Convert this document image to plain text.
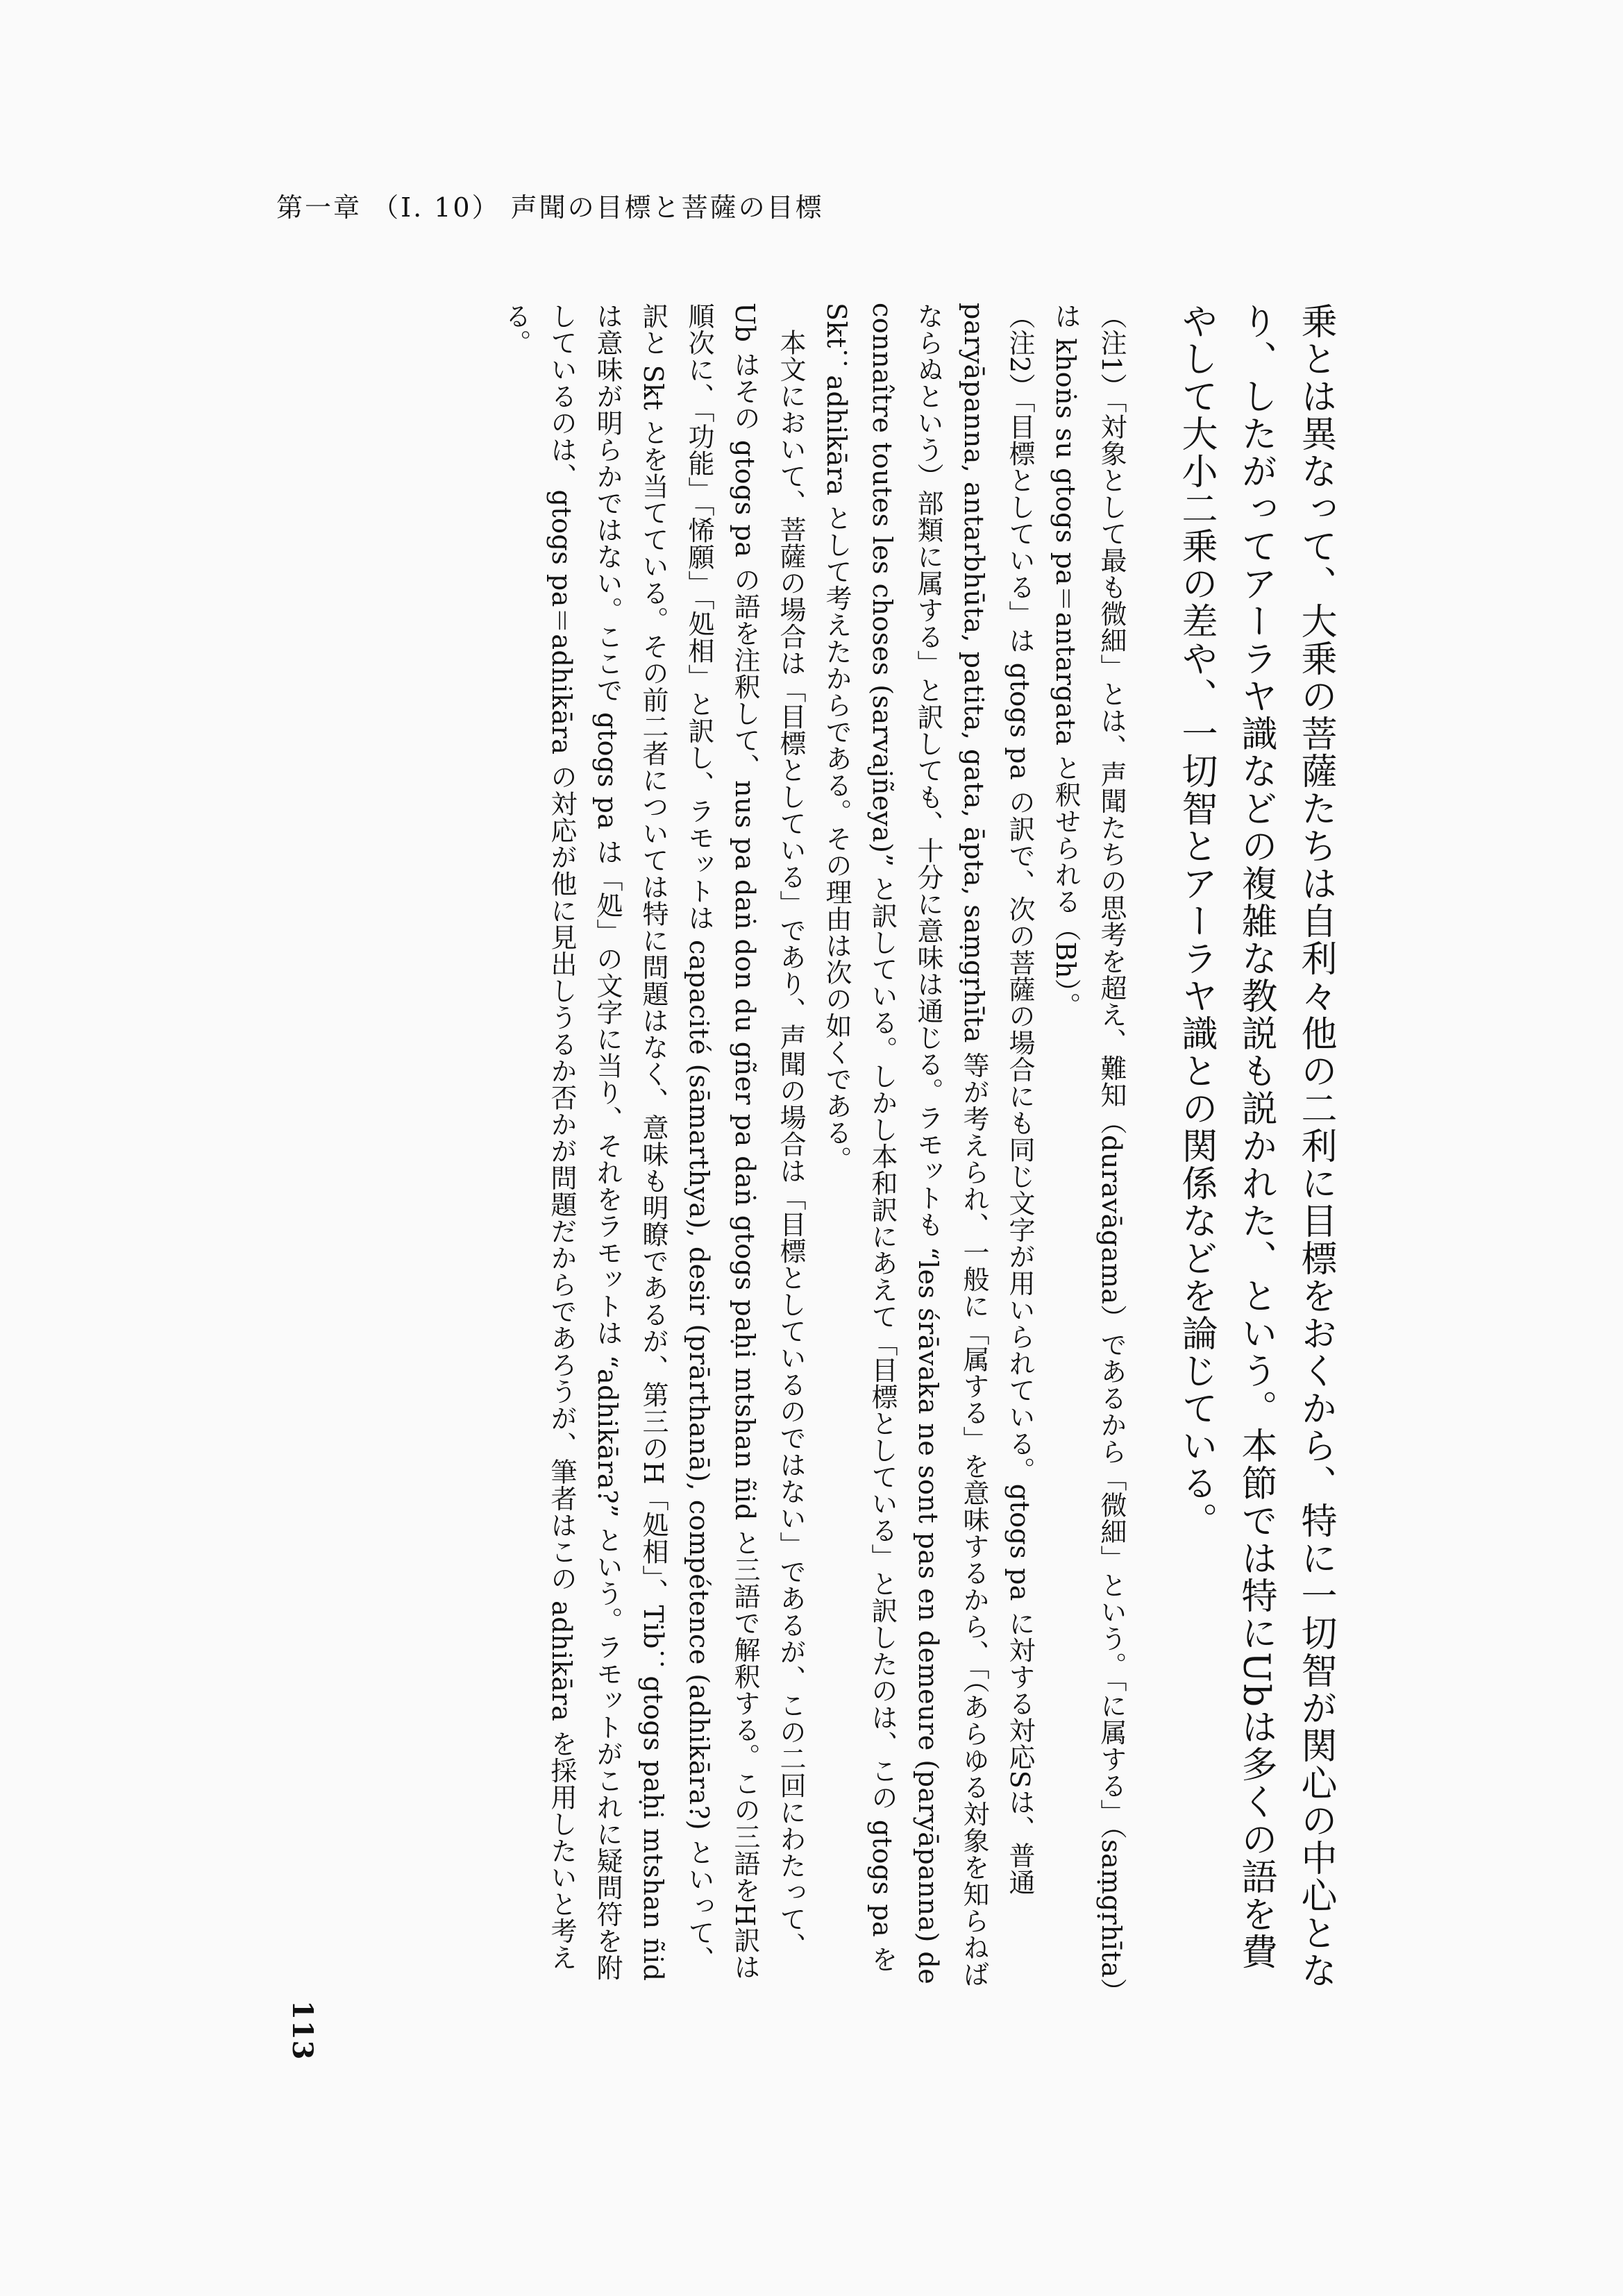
第一章 （I. 10） 声聞の目標と菩薩の目標

乗とは異なって、大乗の菩薩たちは自利々他の二利に目標をおくから、特に一切智が関心の中心となり、したがってアーラヤ識などの複雑な教説も説かれた、という。本節では特にUbは多くの語を費やして大小二乗の差や、一切智とアーラヤ識との関係などを論じている。

（注1）「対象として最も微細」とは、声聞たちの思考を超え、難知（duravāgama）であるから「微細」という。「に属する」（saṃgṛhīta）は khoṅs su gtogs pa＝antargata と釈せられる（Bh）。

（注2）「目標としている」は gtogs pa の訳で、次の菩薩の場合にも同じ文字が用いられている。gtogs pa に対する対応Sは、普通 paryāpanna, antarbhūta, patita, gata, āpta, saṃgṛhīta 等が考えられ、一般に「属する」を意味するから、「（あらゆる対象を知らねばならぬという）部類に属する」と訳しても、十分に意味は通じる。ラモットも “les śrāvaka ne sont pas en demeure (paryāpanna) de connaître toutes les choses (sarvajñeya)” と訳している。しかし本和訳にあえて「目標としている」と訳したのは、この gtogs pa を Skt：adhikāra として考えたからである。その理由は次の如くである。

本文において、菩薩の場合は「目標としている」であり、声聞の場合は「目標としているのではない」であるが、この二回にわたって、Ub はその gtogs pa の語を注釈して、nus pa daṅ don du gñer pa daṅ gtogs paḥi mtshan ñid と三語で解釈する。この三語をH訳は順次に、「功能」「悕願」「処相」と訳し、ラモットは capacité (sāmarthya), desir (prārthanā), compétence (adhikāra?) といって、訳と Skt とを当てている。その前二者については特に問題はなく、意味も明瞭であるが、第三のH「処相」、Tib：gtogs paḥi mtshan ñid は意味が明らかではない。ここで gtogs pa は「処」の文字に当り、それをラモットは “adhikāra?” という。ラモットがこれに疑問符を附しているのは、gtogs pa＝adhikāra の対応が他に見出しうるか否かが問題だからであろうが、筆者はこの adhikāra を採用したいと考える。

113
